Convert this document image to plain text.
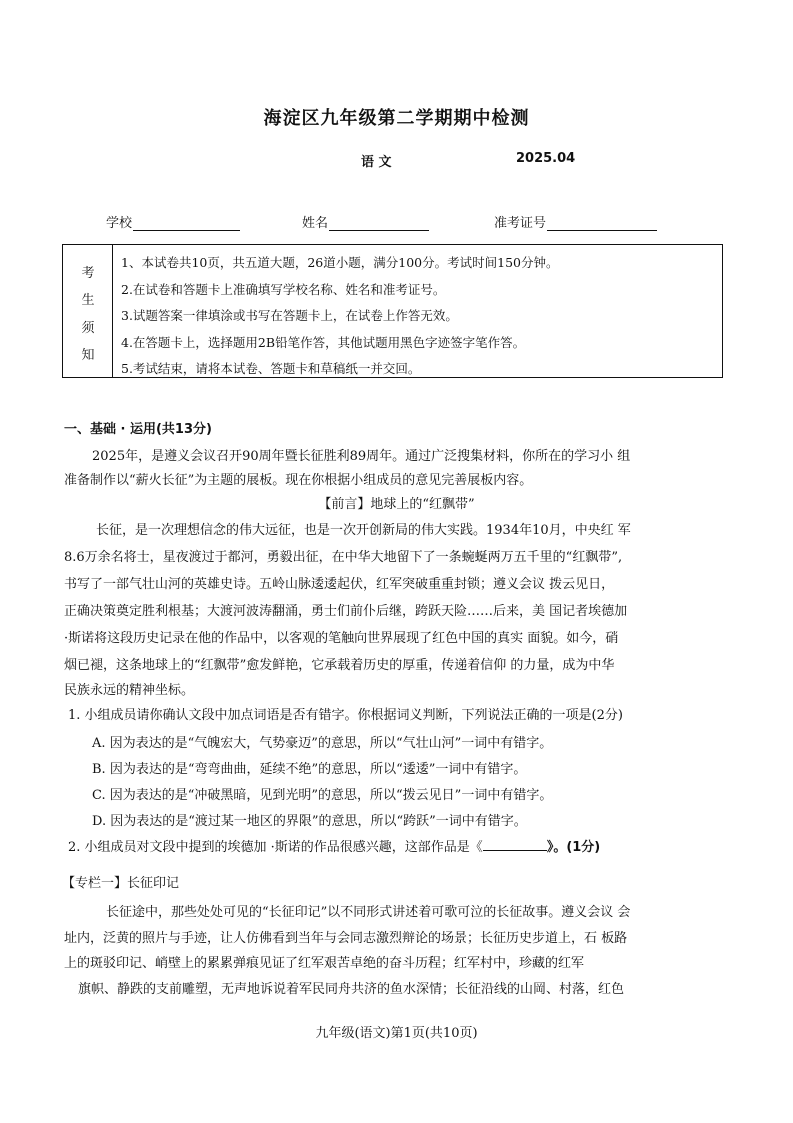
海淀区九年级第二学期期中检测
语 文	2025.04
学校	姓名	准考证号
考
生
须
知
1、本试卷共10页，共五道大题，26道小题，满分100分。考试时间150分钟。
2.在试卷和答题卡上准确填写学校名称、姓名和准考证号。
3.试题答案一律填涂或书写在答题卡上，在试卷上作答无效。
4.在答题卡上，选择题用2B铅笔作答，其他试题用黑色字迹签字笔作答。
5.考试结束，请将本试卷、答题卡和草稿纸一并交回。
一、基础 · 运用(共13分)
2025年，是遵义会议召开90周年暨长征胜利89周年。通过广泛搜集材料，你所在的学习小 组
准备制作以“薪火长征”为主题的展板。现在你根据小组成员的意见完善展板内容。
【前言】地球上的“红飘带”
长征，是一次理想信念的伟大远征，也是一次开创新局的伟大实践。1934年10月，中央红 军
8.6万余名将士，星夜渡过于都河，勇毅出征，在中华大地留下了一条蜿蜒两万五千里的“红飘带”,
书写了一部气壮山河的英雄史诗。五岭山脉逶逶起伏，红军突破重重封锁；遵义会议 拨云见日，
正确决策奠定胜利根基；大渡河波涛翻涌，勇士们前仆后继，跨跃天险……后来，美 国记者埃德加
·斯诺将这段历史记录在他的作品中，以客观的笔触向世界展现了红色中国的真实 面貌。如今，硝
烟已褪，这条地球上的“红飘带”愈发鲜艳，它承载着历史的厚重，传递着信仰 的力量，成为中华
民族永远的精神坐标。
1. 小组成员请你确认文段中加点词语是否有错字。你根据词义判断，下列说法正确的一项是(2分)
A. 因为表达的是“气魄宏大，气势豪迈”的意思，所以“气壮山河”一词中有错字。
B. 因为表达的是“弯弯曲曲，延续不绝”的意思，所以“逶逶”一词中有错字。
C. 因为表达的是“冲破黑暗，见到光明”的意思，所以“拨云见日”一词中有错字。
D. 因为表达的是“渡过某一地区的界限”的意思，所以“跨跃”一词中有错字。
2. 小组成员对文段中提到的埃德加 ·斯诺的作品很感兴趣，这部作品是《	》。(1分)
【专栏一】长征印记
长征途中，那些处处可见的“长征印记”以不同形式讲述着可歌可泣的长征故事。遵义会议 会
址内，泛黄的照片与手迹，让人仿佛看到当年与会同志激烈辩论的场景；长征历史步道上，石 板路
上的斑驳印记、峭壁上的累累弹痕见证了红军艰苦卓绝的奋斗历程；红军村中，珍藏的红军
旗帜、静跌的支前雕塑，无声地诉说着军民同舟共济的鱼水深情；长征沿线的山岡、村落，红色
九年级(语文)第1页(共10页)
